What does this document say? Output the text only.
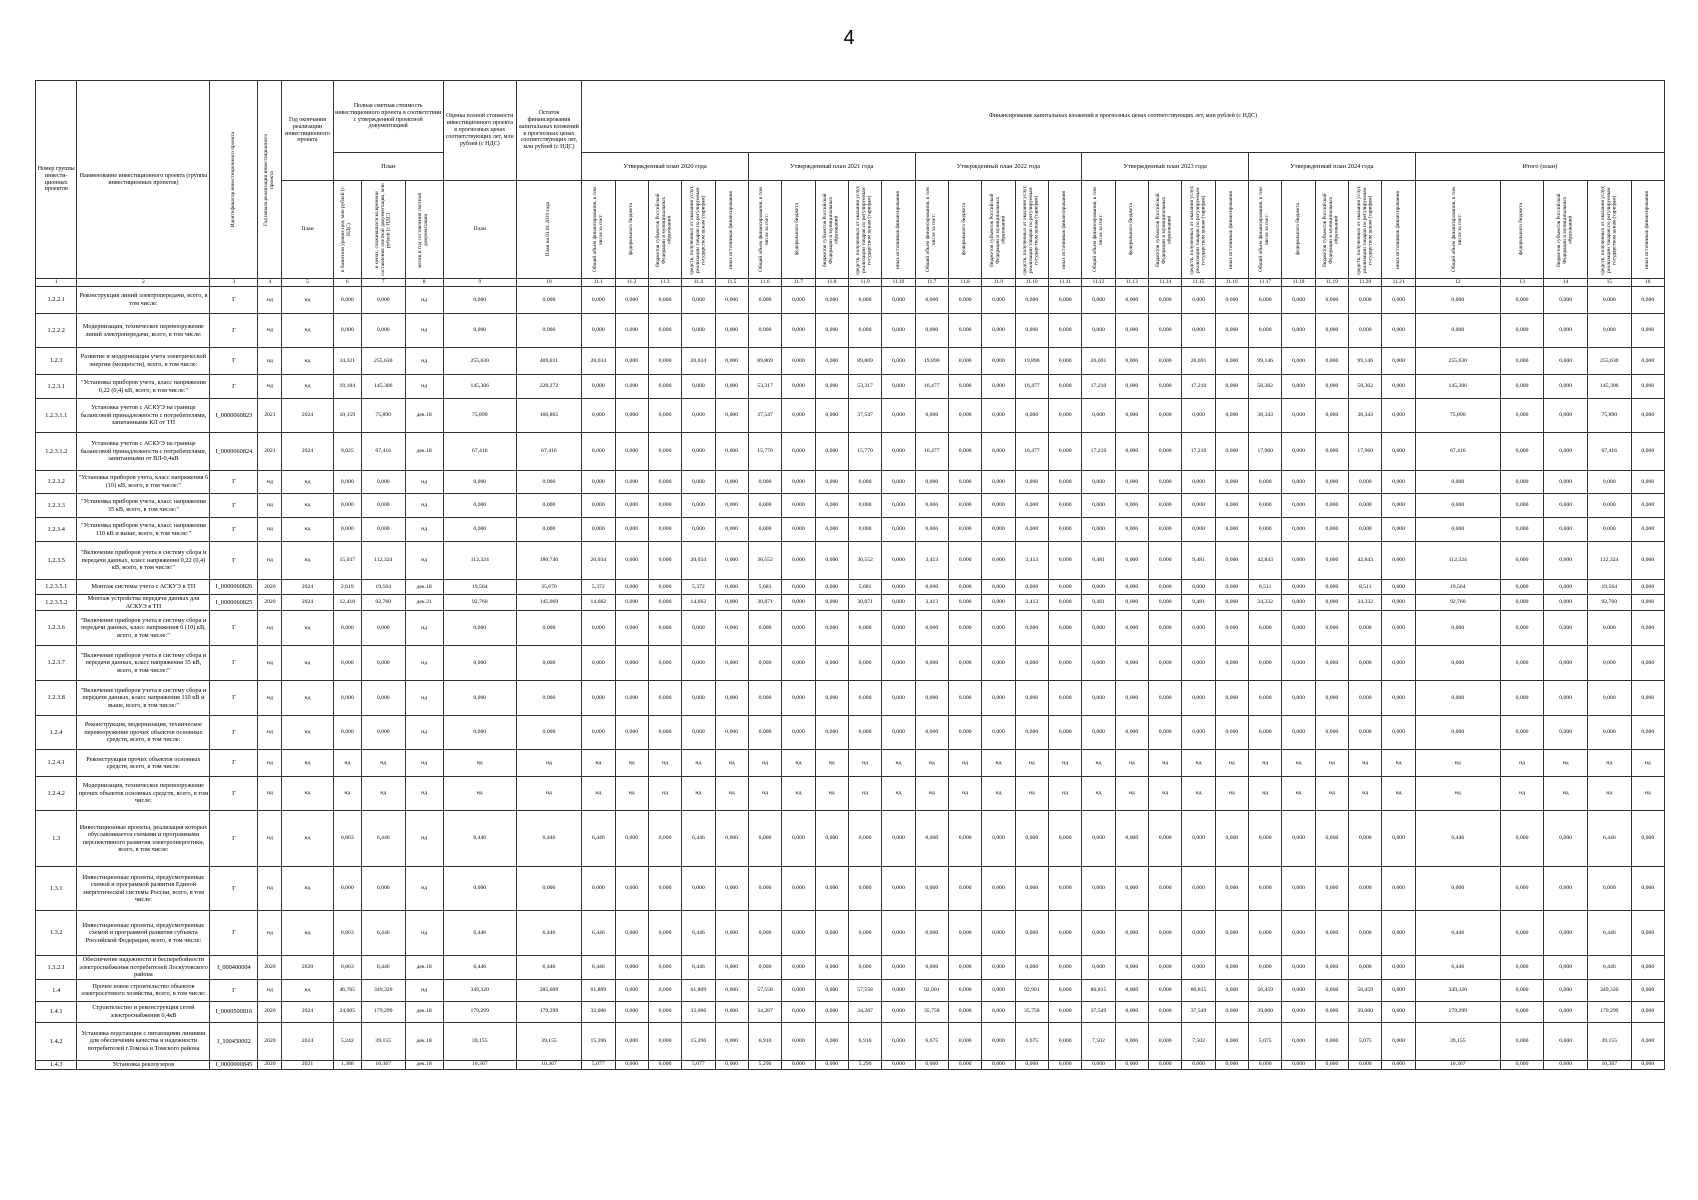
4
Номер группы инвести-ционных проектов	Наименование инвестиционного проекта (группы инвестиционных проектов)	Идентификатор инвестиционного проекта	Год начала реализации инвестиционного проекта	Год окончания реализации инвестиционного проекта	Полная сметная стоимость инвестиционного проекта в соответствии с утвержденной проектной документацией			Оценка полной стоимости инвестиционного проекта в прогнозных ценах соответствующих лет, млн рублей (с НДС)	Остаток финансирования капитальных вложений в прогнозных ценах соответствующих лет, млн рублей (с НДС)	Финансирование капитальных вложений в прогнозных ценах соответствующих лет, млн рублей (с НДС)																													
					План					Утвержденный план 2020 года					Утвержденный план 2021 года					Утвержденный план 2022 года					Утвержденный план 2023 года					Утвержденный план 2024 года					Итого (план)				
				План	в базисном уровне цен, млн рублей (с НДС)	в ценах, сложившихся ко времени составления сметной документации, млн рублей (с НДС)	месяц и год составления сметной документации	План	План на 01.01.2019 года	Общий объем финансирования, в том числе за счет:	федерального бюджета	бюджетов субъектов Российской Федерации и муниципальных образований	средств, полученных от оказания услуг, реализации товаров по регулируемым государством ценам (тарифам)	иных источников финансирования	Общий объем финансирования, в том числе за счет:	федерального бюджета	бюджетов субъектов Российской Федерации и муниципальных образований	средств, полученных от оказания услуг, реализации товаров по регулируемым государством ценам (тарифам)	иных источников финансирования	Общий объем финансирования, в том числе за счет:	федерального бюджета	бюджетов субъектов Российской Федерации и муниципальных образований	средств, полученных от оказания услуг, реализации товаров по регулируемым государством ценам (тарифам)	иных источников финансирования	Общий объем финансирования, в том числе за счет:	федерального бюджета	бюджетов субъектов Российской Федерации и муниципальных образований	средств, полученных от оказания услуг, реализации товаров по регулируемым государством ценам (тарифам)	иных источников финансирования	Общий объем финансирования, в том числе за счет:	федерального бюджета	бюджетов субъектов Российской Федерации и муниципальных образований	средств, полученных от оказания услуг, реализации товаров по регулируемым государством ценам (тарифам)	иных источников финансирования	Общий объем финансирования, в том числе за счет:	федерального бюджета	бюджетов субъектов Российской Федерации и муниципальных образований	средств, полученных от оказания услуг, реализации товаров по регулируемым государством ценам (тарифам)	иных источников финансирования

1	2	3	4	5	6	7	8	9	10	11.1	11.2	11.3	11.4	11.5	11.6	11.7	11.8	11.9	11.10	11.7	11.8	11.9	11.10	11.11	11.12	11.13	11.14	11.15	11.16	11.17	11.18	11.19	11.20	11.21	12	13	14	15	16
1.2.2.1	Реконструкция линий электропередачи, всего, в том числе:	Г	нд	нд	0,000	0,000	нд	0,000	0,000	0,000	0,000	0,000	0,000	0,000	0,000	0,000	0,000	0,000	0,000	0,000	0,000	0,000	0,000	0,000	0,000	0,000	0,000	0,000	0,000	0,000	0,000	0,000	0,000	0,000	0,000	0,000	0,000	0,000	0,000
1.2.2.2	Модернизация, техническое перевооружение линий электропередачи, всего, в том числе:	Г	нд	нд	0,000	0,000	нд	0,000	0,000	0,000	0,000	0,000	0,000	0,000	0,000	0,000	0,000	0,000	0,000	0,000	0,000	0,000	0,000	0,000	0,000	0,000	0,000	0,000	0,000	0,000	0,000	0,000	0,000	0,000	0,000	0,000	0,000	0,000	0,000
1.2.3	Развитие и модернизация учета электрической энергии (мощности), всего, в том числе:	Г	нд	нд	34,321	255,630	нд	255,630	409,811	20,034	0,000	0,000	20,034	0,000	89,869	0,000	0,000	89,869	0,000	19,890	0,000	0,000	19,890	0,000	26,691	0,000	0,000	26,691	0,000	99,146	0,000	0,000	99,146	0,000	255,630	0,000	0,000	255,630	0,000
1.2.3.1	"Установка приборов учета, класс напряжения 0,22 (0,4) кВ, всего, в том числе:"	Г	нд	нд	19,184	145,306	нд	145,306	228,272	0,000	0,000	0,000	0,000	0,000	53,317	0,000	0,000	53,317	0,000	16,477	0,000	0,000	16,477	0,000	17,210	0,000	0,000	17,210	0,000	58,302	0,000	0,000	58,302	0,000	145,306	0,000	0,000	145,306	0,000
1.2.3.1.1	Установка учетов с АСКУЭ на границе балансовой принадлежности с потребителями, запитанными КЛ от ТП	I_0000060823	2021	2024	10,159	75,890	дек.18	75,890	160,865	0,000	0,000	0,000	0,000	0,000	37,547	0,000	0,000	37,547	0,000	0,000	0,000	0,000	0,000	0,000	0,000	0,000	0,000	0,000	0,000	38,343	0,000	0,000	38,343	0,000	75,890	0,000	0,000	75,890	0,000
1.2.3.1.2	Установка учетов с АСКУЭ на границе балансовой принадлежности с потребителями, запитанными от ВЛ-0,4кВ	I_0000060824	2021	2024	9,025	67,416	дек.18	67,416	67,416	0,000	0,000	0,000	0,000	0,000	15,770	0,000	0,000	15,770	0,000	16,477	0,000	0,000	16,477	0,000	17,210	0,000	0,000	17,210	0,000	17,960	0,000	0,000	17,960	0,000	67,416	0,000	0,000	67,416	0,000
1.2.3.2	"Установка приборов учета, класс напряжения 6 (10) кВ, всего, в том числе:"	Г	нд	нд	0,000	0,000	нд	0,000	0,000	0,000	0,000	0,000	0,000	0,000	0,000	0,000	0,000	0,000	0,000	0,000	0,000	0,000	0,000	0,000	0,000	0,000	0,000	0,000	0,000	0,000	0,000	0,000	0,000	0,000	0,000	0,000	0,000	0,000	0,000
1.2.3.3	"Установка приборов учета, класс напряжения 35 кВ, всего, в том числе:"	Г	нд	нд	0,000	0,000	нд	0,000	0,000	0,000	0,000	0,000	0,000	0,000	0,000	0,000	0,000	0,000	0,000	0,000	0,000	0,000	0,000	0,000	0,000	0,000	0,000	0,000	0,000	0,000	0,000	0,000	0,000	0,000	0,000	0,000	0,000	0,000	0,000
1.2.3.4	"Установка приборов учета, класс напряжения 110 кВ и выше, всего, в том числе:"	Г	нд	нд	0,000	0,000	нд	0,000	0,000	0,000	0,000	0,000	0,000	0,000	0,000	0,000	0,000	0,000	0,000	0,000	0,000	0,000	0,000	0,000	0,000	0,000	0,000	0,000	0,000	0,000	0,000	0,000	0,000	0,000	0,000	0,000	0,000	0,000	0,000
1.2.3.5	"Включение приборов учета в систему сбора и передачи данных, класс напряжения 0,22 (0,4) кВ, всего, в том числе:"	Г	нд	нд	15,037	112,324	нд	112,324	180,740	20,034	0,000	0,000	20,034	0,000	36,552	0,000	0,000	36,552	0,000	3,413	0,000	0,000	3,413	0,000	9,481	0,000	0,000	9,481	0,000	42,843	0,000	0,000	42,843	0,000	112,324	0,000	0,000	112,324	0,000
1.2.3.5.1	Монтаж системы учета с АСКУЭ в ТП	I_0000060826	2020	2024	2,619	19,564	дек.18	19,564	35,670	5,372	0,000	0,000	5,372	0,000	5,681	0,000	0,000	5,681	0,000	0,000	0,000	0,000	0,000	0,000	0,000	0,000	0,000	0,000	0,000	8,511	0,000	0,000	8,511	0,000	19,564	0,000	0,000	19,564	0,000
1.2.3.5.2	Монтаж устройства передачи данных для АСКУЭ в ТП	I_0000060825	2020	2024	12,418	92,760	дек.21	92,760	145,069	14,662	0,000	0,000	14,662	0,000	30,871	0,000	0,000	30,871	0,000	3,413	0,000	0,000	3,413	0,000	9,481	0,000	0,000	9,481	0,000	34,332	0,000	0,000	34,332	0,000	92,760	0,000	0,000	92,760	0,000
1.2.3.6	"Включение приборов учета в систему сбора и передачи данных, класс напряжения 6 (10) кВ, всего, в том числе:"	Г	нд	нд	0,000	0,000	нд	0,000	0,000	0,000	0,000	0,000	0,000	0,000	0,000	0,000	0,000	0,000	0,000	0,000	0,000	0,000	0,000	0,000	0,000	0,000	0,000	0,000	0,000	0,000	0,000	0,000	0,000	0,000	0,000	0,000	0,000	0,000	0,000
1.2.3.7	"Включение приборов учета в систему сбора и передачи данных, класс напряжения 35 кВ, всего, в том числе:"	Г	нд	нд	0,000	0,000	нд	0,000	0,000	0,000	0,000	0,000	0,000	0,000	0,000	0,000	0,000	0,000	0,000	0,000	0,000	0,000	0,000	0,000	0,000	0,000	0,000	0,000	0,000	0,000	0,000	0,000	0,000	0,000	0,000	0,000	0,000	0,000	0,000
1.2.3.8	"Включение приборов учета в систему сбора и передачи данных, класс напряжения 110 кВ и выше, всего, в том числе:"	Г	нд	нд	0,000	0,000	нд	0,000	0,000	0,000	0,000	0,000	0,000	0,000	0,000	0,000	0,000	0,000	0,000	0,000	0,000	0,000	0,000	0,000	0,000	0,000	0,000	0,000	0,000	0,000	0,000	0,000	0,000	0,000	0,000	0,000	0,000	0,000	0,000
1.2.4	Реконструкция, модернизация, техническое перевооружение прочих объектов основных средств, всего, в том числе:	Г	нд	нд	0,000	0,000	нд	0,000	0,000	0,000	0,000	0,000	0,000	0,000	0,000	0,000	0,000	0,000	0,000	0,000	0,000	0,000	0,000	0,000	0,000	0,000	0,000	0,000	0,000	0,000	0,000	0,000	0,000	0,000	0,000	0,000	0,000	0,000	0,000
1.2.4.1	Реконструкция прочих объектов основных средств, всего, в том числе:	Г	нд	нд	нд	нд	нд	нд	нд	нд	нд	нд	нд	нд	нд	нд	нд	нд	нд	нд	нд	нд	нд	нд	нд	нд	нд	нд	нд	нд	нд	нд	нд	нд	нд	нд	нд	нд	нд
1.2.4.2	Модернизация, техническое перевооружение прочих объектов основных средств, всего, в том числе:	Г	нд	нд	нд	нд	нд	нд	нд	нд	нд	нд	нд	нд	нд	нд	нд	нд	нд	нд	нд	нд	нд	нд	нд	нд	нд	нд	нд	нд	нд	нд	нд	нд	нд	нд	нд	нд	нд
1.3	Инвестиционные проекты, реализация которых обуславливается схемами и программами перспективного развития электроэнергетики, всего, в том числе:	Г	нд	нд	0,863	6,446	нд	6,446	6,446	6,446	0,000	0,000	6,446	0,000	0,000	0,000	0,000	0,000	0,000	0,000	0,000	0,000	0,000	0,000	0,000	0,000	0,000	0,000	0,000	0,000	0,000	0,000	0,000	0,000	6,446	0,000	0,000	6,446	0,000
1.3.1	Инвестиционные проекты, предусмотренные схемой и программой развития Единой энергетической системы России, всего, в том числе:	Г	нд	нд	0,000	0,000	нд	0,000	0,000	0,000	0,000	0,000	0,000	0,000	0,000	0,000	0,000	0,000	0,000	0,000	0,000	0,000	0,000	0,000	0,000	0,000	0,000	0,000	0,000	0,000	0,000	0,000	0,000	0,000	0,000	0,000	0,000	0,000	0,000
1.3.2	Инвестиционные проекты, предусмотренные схемой и программой развития субъекта Российской Федерации, всего, в том числе:	Г	нд	нд	0,863	6,446	нд	6,446	6,446	6,446	0,000	0,000	6,446	0,000	0,000	0,000	0,000	0,000	0,000	0,000	0,000	0,000	0,000	0,000	0,000	0,000	0,000	0,000	0,000	0,000	0,000	0,000	0,000	0,000	6,446	0,000	0,000	6,446	0,000
1.3.2.1	Обеспечение надежности и бесперебойности электроснабжения потребителей Лоскутовского района	I_000400004	2020	2020	0,863	6,446	дек.18	6,446	6,446	6,446	0,000	0,000	6,446	0,000	0,000	0,000	0,000	0,000	0,000	0,000	0,000	0,000	0,000	0,000	0,000	0,000	0,000	0,000	0,000	0,000	0,000	0,000	0,000	0,000	6,446	0,000	0,000	6,446	0,000
1.4	Прочее новое строительство объектов электросетевого хозяйства, всего, в том числе:	Г	нд	нд	46,765	349,320	нд	349,320	285,609	61,809	0,000	0,000	61,809	0,000	57,558	0,000	0,000	57,558	0,000	92,901	0,000	0,000	92,901	0,000	80,815	0,000	0,000	80,815	0,000	56,459	0,000	0,000	56,459	0,000	349,320	0,000	0,000	349,320	0,000
1.4.1	Строительство и реконструкция сетей электроснабжения 0,4кВ	I_0000500816	2020	2024	24,005	179,299	дек.18	179,299	179,299	32,006	0,000	0,000	32,006	0,000	34,287	0,000	0,000	34,287	0,000	35,758	0,000	0,000	35,758	0,000	37,549	0,000	0,000	37,549	0,000	39,000	0,000	0,000	39,000	0,000	179,299	0,000	0,000	179,299	0,000
1.4.2	Установка подстанции с питающими линиями для обеспечения качества и надежности потребителей г.Томска и Томского района	I_100450002	2020	2024	5,242	39,155	дек.18	39,155	39,155	15,396	0,000	0,000	15,396	0,000	6,910	0,000	0,000	6,910	0,000	6,675	0,000	0,000	6,675	0,000	7,502	0,000	0,000	7,502	0,000	5,075	0,000	0,000	5,075	0,000	39,155	0,000	0,000	39,155	0,000
1.4.3	Установка реклоузеров	I_0000000845	2020	2021	1,388	10,367	дек.18	10,367	10,367	5,077	0,000	0,000	5,077	0,000	5,290	0,000	0,000	5,290	0,000	0,000	0,000	0,000	0,000	0,000	0,000	0,000	0,000	0,000	0,000	0,000	0,000	0,000	0,000	0,000	10,367	0,000	0,000	10,367	0,000
